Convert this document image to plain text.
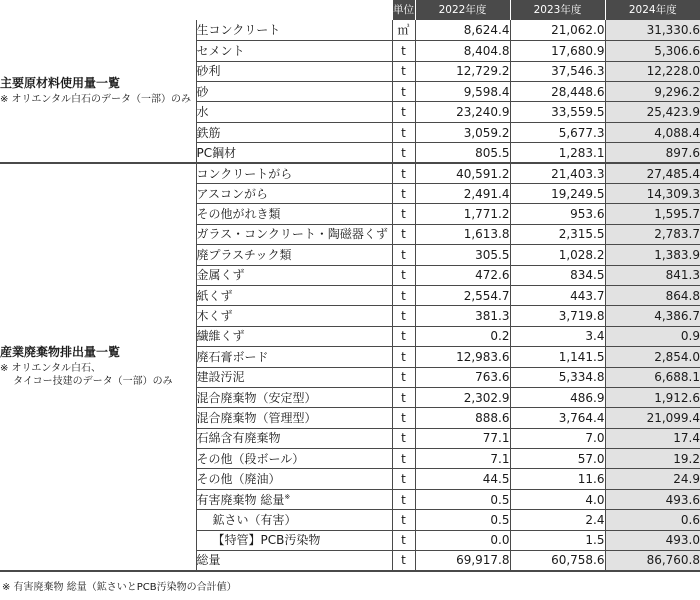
		単位	2022年度	2023年度	2024年度

主要原材料使用量一覧
※ オリエンタル白石のデータ（一部）のみ	生コンクリート	㎥	8,624.4	21,062.0	31,330.6
	セメント	t	8,404.8	17,680.9	5,306.6
	砂利	t	12,729.2	37,546.3	12,228.0
	砂	t	9,598.4	28,448.6	9,296.2
	水	t	23,240.9	33,559.5	25,423.9
	鉄筋	t	3,059.2	5,677.3	4,088.4
	PC鋼材	t	805.5	1,283.1	897.6

産業廃棄物排出量一覧
※ オリエンタル白石、
　 タイコー技建のデータ（一部）のみ	コンクリートがら	t	40,591.2	21,403.3	27,485.4
	アスコンがら	t	2,491.4	19,249.5	14,309.3
	その他がれき類	t	1,771.2	953.6	1,595.7
	ガラス・コンクリート・陶磁器くず	t	1,613.8	2,315.5	2,783.7
	廃プラスチック類	t	305.5	1,028.2	1,383.9
	金属くず	t	472.6	834.5	841.3
	紙くず	t	2,554.7	443.7	864.8
	木くず	t	381.3	3,719.8	4,386.7
	繊維くず	t	0.2	3.4	0.9
	廃石膏ボード	t	12,983.6	1,141.5	2,854.0
	建設汚泥	t	763.6	5,334.8	6,688.1
	混合廃棄物（安定型）	t	2,302.9	486.9	1,912.6
	混合廃棄物（管理型）	t	888.6	3,764.4	21,099.4
	石綿含有廃棄物	t	77.1	7.0	17.4
	その他（段ボール）	t	7.1	57.0	19.2
	その他（廃油）	t	44.5	11.6	24.9
	有害廃棄物 総量※	t	0.5	4.0	493.6
	鉱さい（有害）	t	0.5	2.4	0.6
	【特管】PCB汚染物	t	0.0	1.5	493.0
	総量	t	69,917.8	60,758.6	86,760.8
※ 有害廃棄物 総量（鉱さいとPCB汚染物の合計値）
